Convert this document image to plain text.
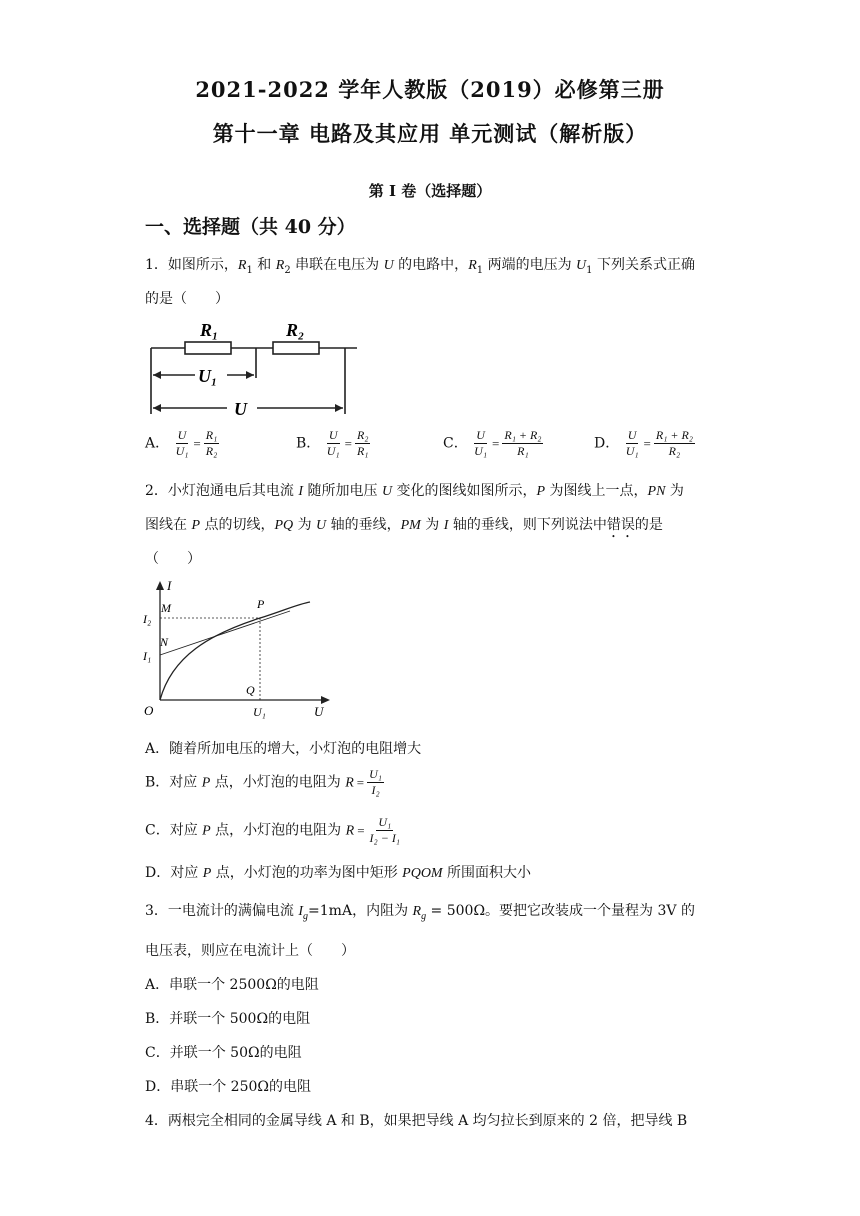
2021-2022 学年人教版（2019）必修第三册
第十一章 电路及其应用 单元测试（解析版）
第 I 卷（选择题）
一、选择题（共 40 分）
1．如图所示，$R_1$ 和 $R_2$ 串联在电压为 U 的电路中，$R_1$ 两端的电压为 $U_1$ 下列关系式正确
的是（　　）
R₁	R₂
U₁
U
A． $\frac{U}{\text{U₁}} = \frac{\text{R₁}}{\text{R₂}}$	B． $\frac{U}{\text{U₁}} = \frac{\text{R₂}}{\text{R₁}}$	C． $\frac{U}{\text{U₁}} = \frac{\text{R₁ + R₂}}{\text{R₁}}$	D． $\frac{U}{\text{U₁}} = \frac{\text{R₁ + R₂}}{\text{R₂}}$
2．小灯泡通电后其电流 I 随所加电压 U 变化的图线如图所示，P 为图线上一点，PN 为
图线在 P 点的切线，PQ 为 U 轴的垂线，PM 为 I 轴的垂线，则下列说法中错误的是
（　　）
I
U
M
N
P
Q
O
I₂
I₁
U₁
A．随着所加电压的增大，小灯泡的电阻增大
B．对应 P 点，小灯泡的电阻为 $R = \frac{\text{U₁}}{\text{I₂}}$
C．对应 P 点，小灯泡的电阻为 $R = \frac{\text{U₁}}{\text{I₂ − I₁}}$
D．对应 P 点，小灯泡的功率为图中矩形 PQOM 所围面积大小
3．一电流计的满偏电流 $I_g=1mA$，内阻为 $R_g = 500\Omega$。要把它改装成一个量程为 3V 的
电压表，则应在电流计上（　　）
A．串联一个 2500Ω的电阻
B．并联一个 500Ω的电阻
C．并联一个 50Ω的电阻
D．串联一个 250Ω的电阻
4．两根完全相同的金属导线 A 和 B，如果把导线 A 均匀拉长到原来的 2 倍，把导线 B
